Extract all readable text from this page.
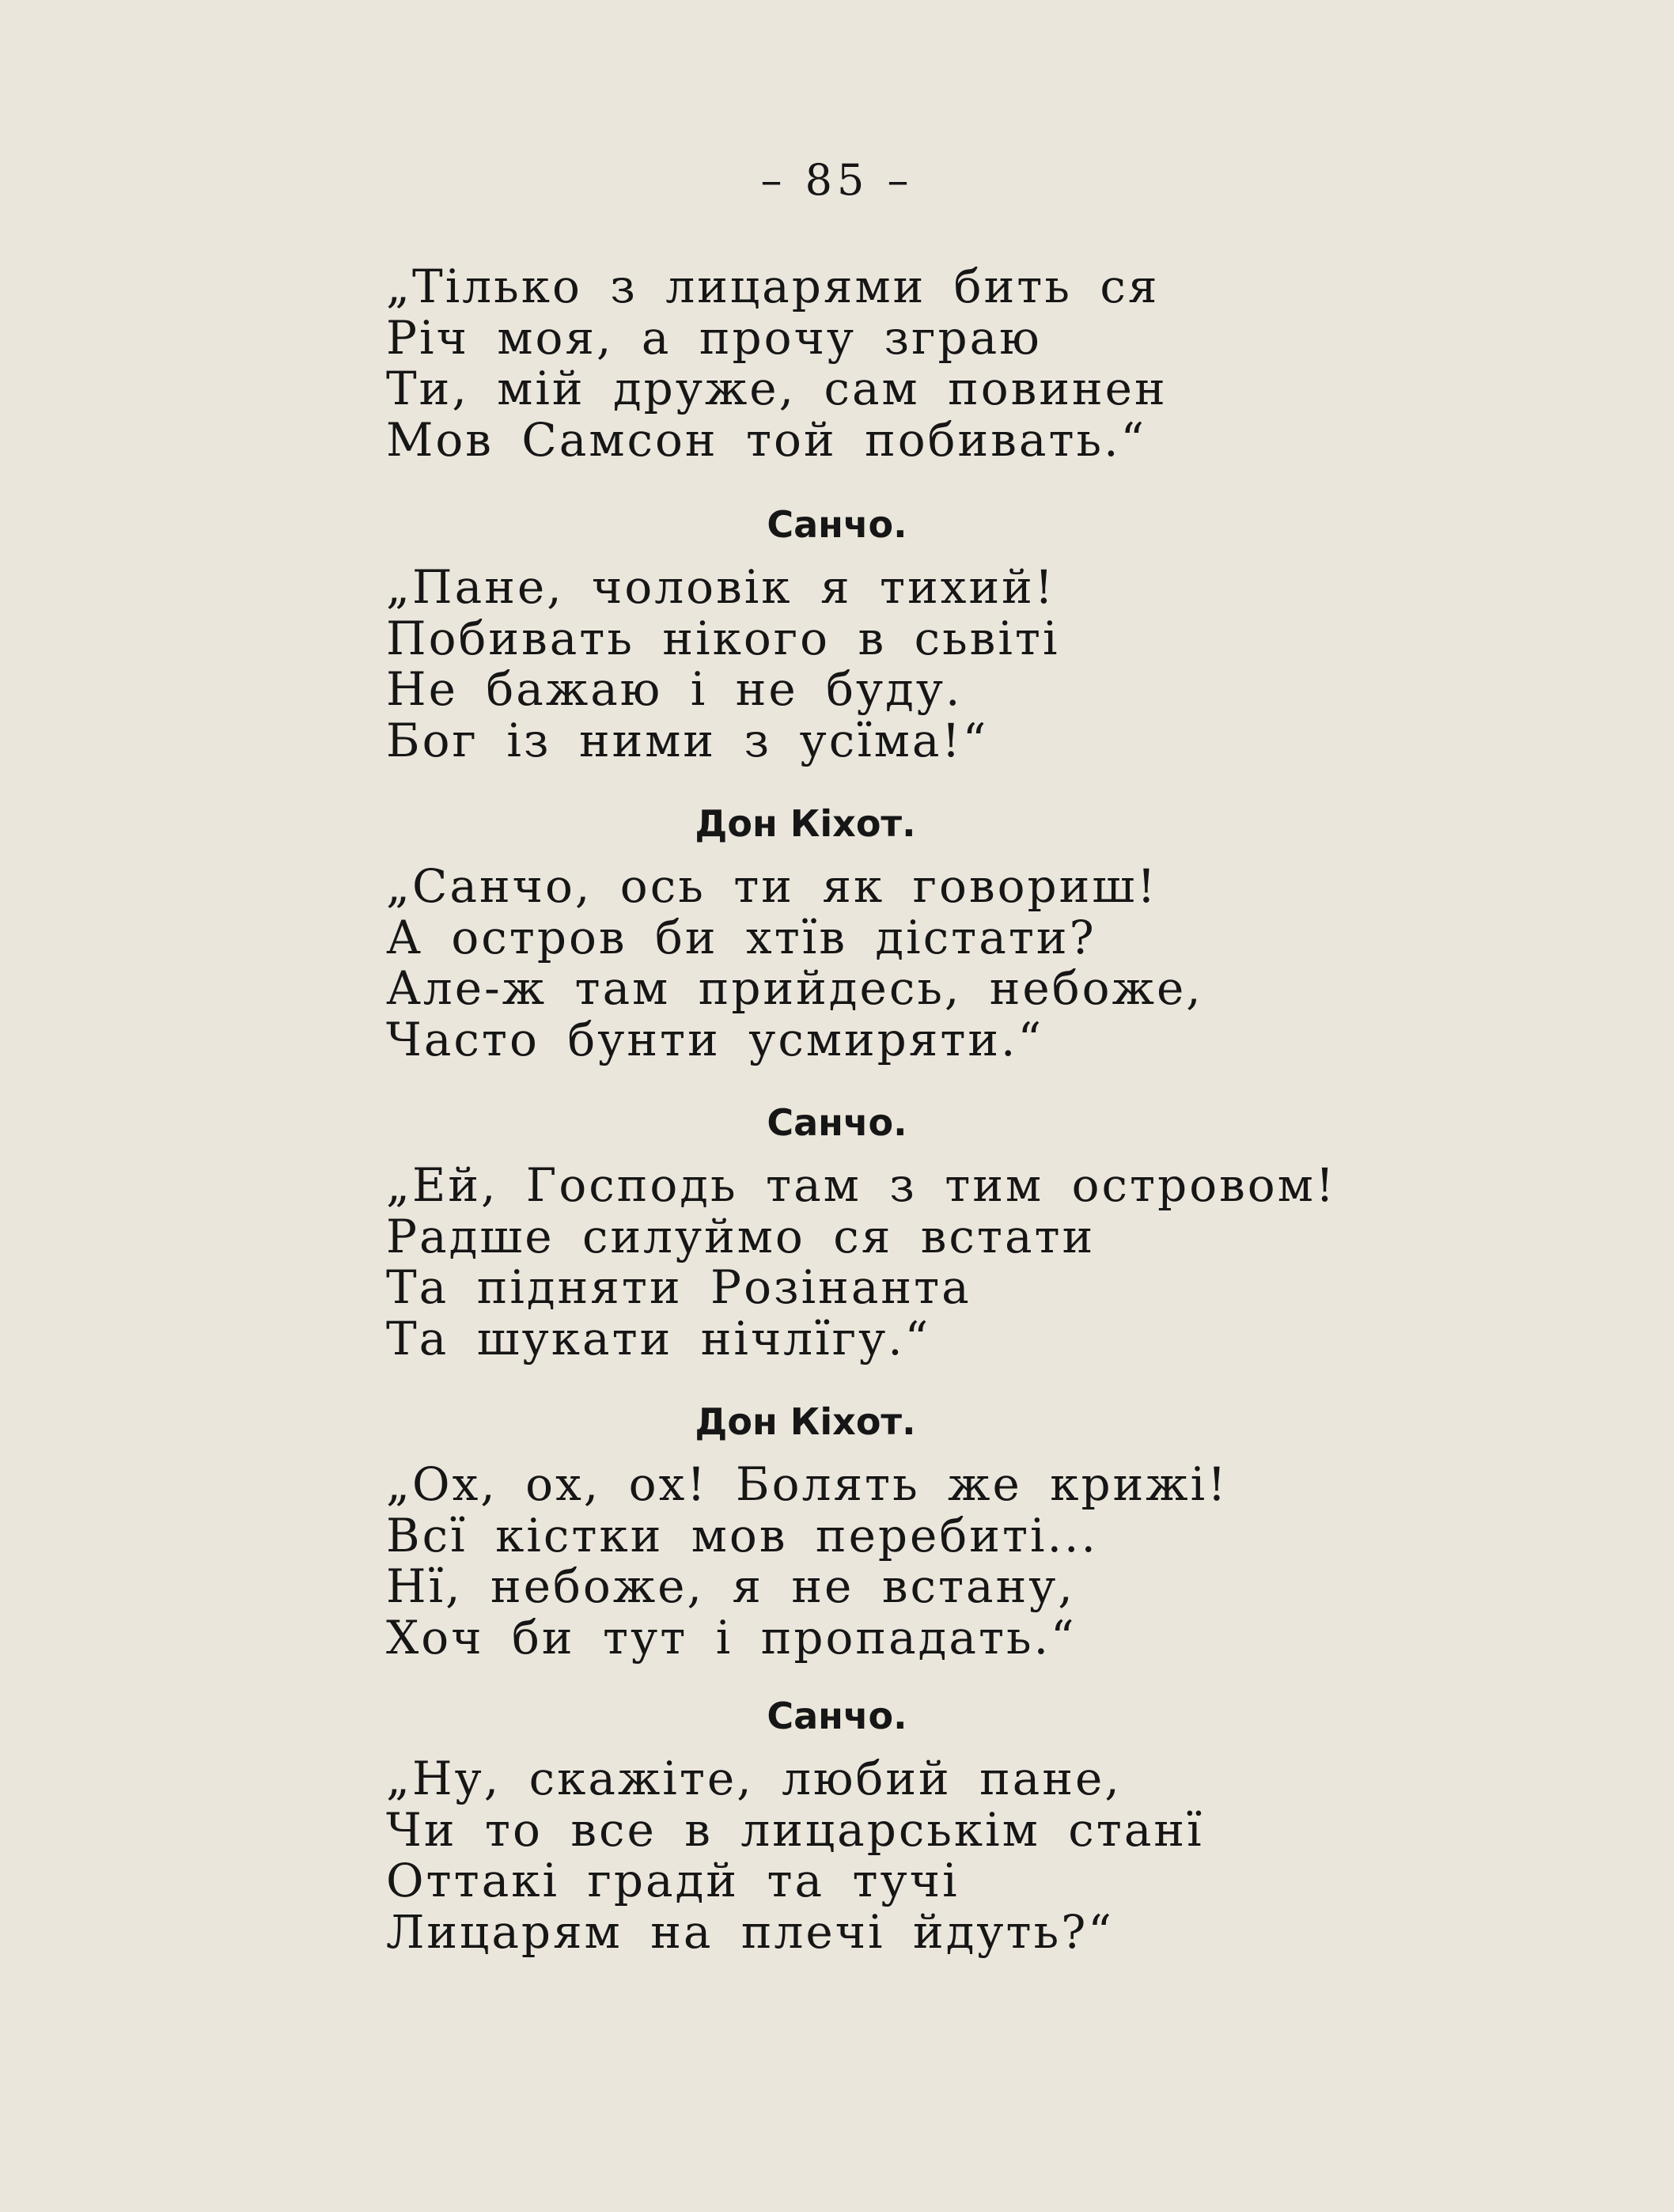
– 85 –
„Тілько з лицарями бить ся
Річ моя, а прочу зграю
Ти, мій друже, сам повинен
Мов Самсон той побивать.“
Санчо.
„Пане, чоловік я тихий!
Побивать нікого в сьвіті
Не бажаю і не буду.
Бог із ними з усїма!“
Дон Кіхот.
„Санчо, ось ти як говориш!
А остров би хтїв дістати?
Але-ж там прийдесь, небоже,
Часто бунти усмиряти.“
Санчо.
„Ей, Господь там з тим островом!
Радше силуймо ся встати
Та підняти Розінанта
Та шукати нічлїгу.“
Дон Кіхот.
„Ох, ох, ох! Болять же крижі!
Всї кістки мов перебиті...
Нї, небоже, я не встану,
Хоч би тут і пропадать.“
Санчо.
„Ну, скажіте, любий пане,
Чи то все в лицарськім станї
Оттакі градй та тучі
Лицарям на плечі йдуть?“
